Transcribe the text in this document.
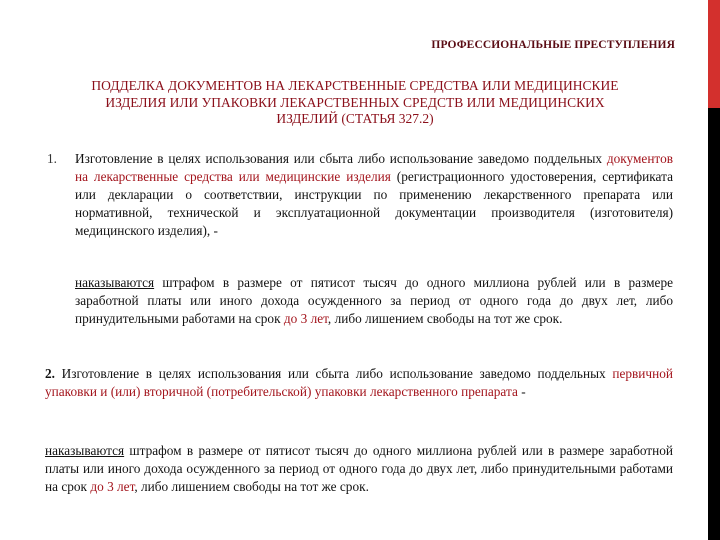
ПРОФЕССИОНАЛЬНЫЕ ПРЕСТУПЛЕНИЯ
ПОДДЕЛКА ДОКУМЕНТОВ НА ЛЕКАРСТВЕННЫЕ СРЕДСТВА ИЛИ МЕДИЦИНСКИЕ
ИЗДЕЛИЯ ИЛИ УПАКОВКИ ЛЕКАРСТВЕННЫХ СРЕДСТВ ИЛИ МЕДИЦИНСКИХ
ИЗДЕЛИЙ (СТАТЬЯ 327.2)
1. Изготовление в целях использования или сбыта либо использование заведомо поддельных документов на лекарственные средства или медицинские изделия (регистрационного удостоверения, сертификата или декларации о соответствии, инструкции по применению лекарственного препарата или нормативной, технической и эксплуатационной документации производителя (изготовителя) медицинского изделия), -
наказываются штрафом в размере от пятисот тысяч до одного миллиона рублей или в размере заработной платы или иного дохода осужденного за период от одного года до двух лет, либо принудительными работами на срок до 3 лет, либо лишением свободы на тот же срок.
2. Изготовление в целях использования или сбыта либо использование заведомо поддельных первичной упаковки и (или) вторичной (потребительской) упаковки лекарственного препарата -
наказываются штрафом в размере от пятисот тысяч до одного миллиона рублей или в размере заработной платы или иного дохода осужденного за период от одного года до двух лет, либо принудительными работами на срок до 3 лет, либо лишением свободы на тот же срок.
